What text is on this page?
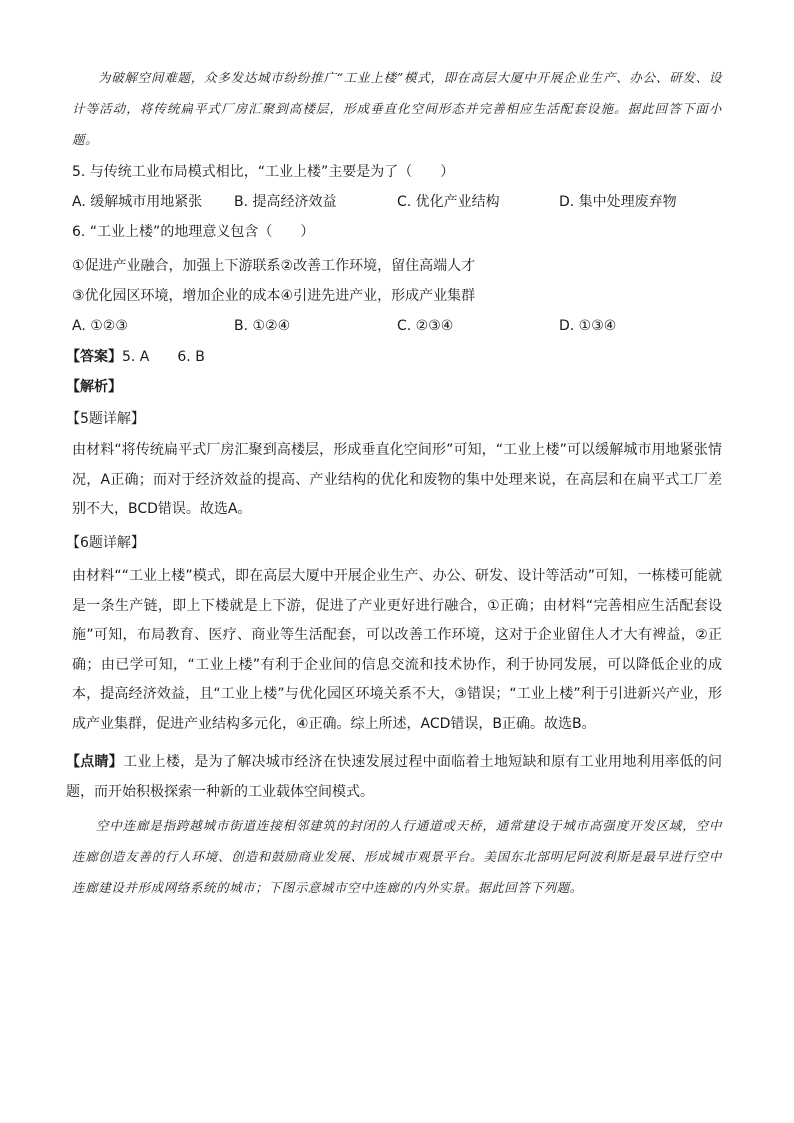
为破解空间难题，众多发达城市纷纷推广“工业上楼”模式，即在高层大厦中开展企业生产、办公、研发、设计等活动，将传统扁平式厂房汇聚到高楼层，形成垂直化空间形态并完善相应生活配套设施。据此回答下面小题。
5. 与传统工业布局模式相比，“工业上楼”主要是为了（　　）
A. 缓解城市用地紧张 B. 提高经济效益	C. 优化产业结构	D. 集中处理废弃物
6. “工业上楼”的地理意义包含（　　）
①促进产业融合，加强上下游联系②改善工作环境，留住高端人才
③优化园区环境，增加企业的成本④引进先进产业，形成产业集群
A. ①②③	B. ①②④	C. ②③④	D. ①③④
【答案】5. A　　6. B
【解析】
【5题详解】
由材料“将传统扁平式厂房汇聚到高楼层，形成垂直化空间形”可知，“工业上楼”可以缓解城市用地紧张情况，A正确；而对于经济效益的提高、产业结构的优化和废物的集中处理来说，在高层和在扁平式工厂差别不大，BCD错误。故选A。
【6题详解】
由材料““工业上楼”模式，即在高层大厦中开展企业生产、办公、研发、设计等活动”可知，一栋楼可能就是一条生产链，即上下楼就是上下游，促进了产业更好进行融合，①正确；由材料“完善相应生活配套设施”可知，布局教育、医疗、商业等生活配套，可以改善工作环境，这对于企业留住人才大有裨益，②正确；由已学可知，“工业上楼”有利于企业间的信息交流和技术协作，利于协同发展，可以降低企业的成本，提高经济效益，且“工业上楼”与优化园区环境关系不大，③错误；“工业上楼”利于引进新兴产业，形成产业集群，促进产业结构多元化，④正确。综上所述，ACD错误，B正确。故选B。
【点睛】工业上楼，是为了解决城市经济在快速发展过程中面临着土地短缺和原有工业用地利用率低的问题，而开始积极探索一种新的工业载体空间模式。
空中连廊是指跨越城市街道连接相邻建筑的封闭的人行通道或天桥，通常建设于城市高强度开发区域，空中连廊创造友善的行人环境、创造和鼓励商业发展、形成城市观景平台。美国东北部明尼阿波利斯是最早进行空中连廊建设并形成网络系统的城市；下图示意城市空中连廊的内外实景。据此回答下列题。
